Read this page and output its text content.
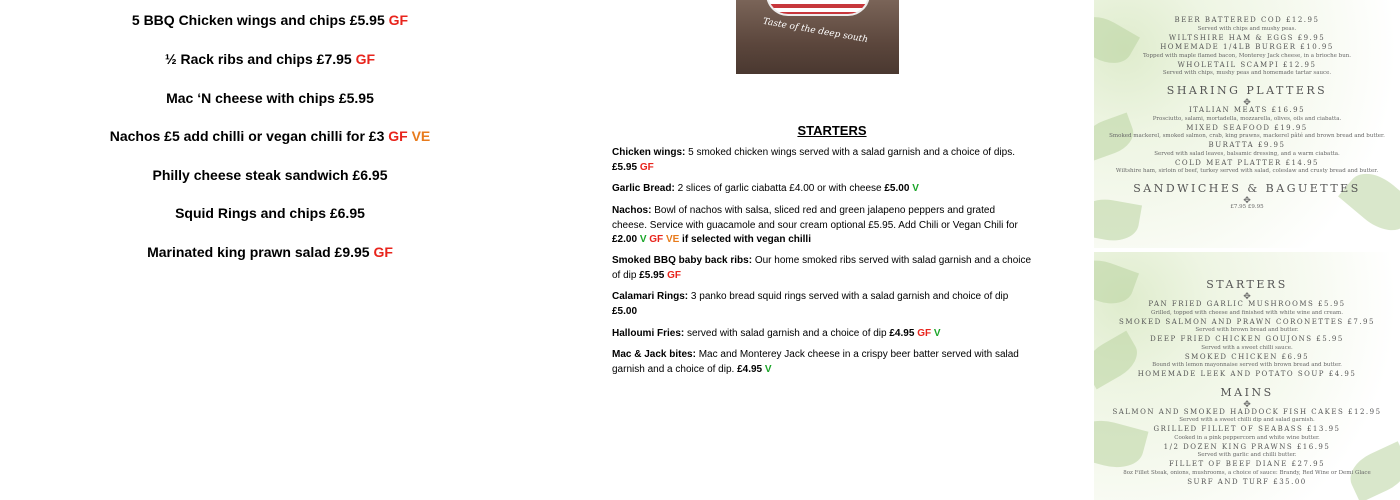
5 BBQ Chicken wings and chips £5.95 GF
½ Rack ribs and chips £7.95 GF
Mac ‘N cheese with chips £5.95
Nachos £5 add chilli or vegan chilli for £3 GF VE
Philly cheese steak sandwich £6.95
Squid Rings and chips £6.95
Marinated king prawn salad £9.95 GF
Taste of the deep south
STARTERS
Chicken wings: 5 smoked chicken wings served with a salad garnish and a choice of dips. £5.95 GF
Garlic Bread: 2 slices of garlic ciabatta £4.00 or with cheese £5.00 V
Nachos: Bowl of nachos with salsa, sliced red and green jalapeno peppers and grated cheese. Service with guacamole and sour cream optional £5.95. Add Chili or Vegan Chili for £2.00 V GF VE if selected with vegan chilli
Smoked BBQ baby back ribs: Our home smoked ribs served with salad garnish and a choice of dip £5.95 GF
Calamari Rings: 3 panko bread squid rings served with a salad garnish and choice of dip £5.00
Halloumi Fries: served with salad garnish and a choice of dip £4.95 GF V
Mac & Jack bites: Mac and Monterey Jack cheese in a crispy beer batter served with salad garnish and a choice of dip. £4.95 V
BEER BATTERED COD £12.95
Served with chips and mushy peas.
WILTSHIRE HAM & EGGS £9.95
HOMEMADE 1/4LB BURGER £10.95
Topped with maple flamed bacon, Monterey Jack cheese, in a brioche bun.
WHOLETAIL SCAMPI £12.95
Served with chips, mushy peas and homemade tartar sauce.
SHARING PLATTERS
✥
ITALIAN MEATS £16.95
Prosciutto, salami, mortadella, mozzarella, olives, oils and ciabatta.
MIXED SEAFOOD £19.95
Smoked mackerel, smoked salmon, crab, king prawns, mackerel pâté and brown bread and butter.
BURATTA £9.95
Served with salad leaves, balsamic dressing, and a warm ciabatta.
COLD MEAT PLATTER £14.95
Wiltshire ham, sirloin of beef, turkey served with salad, coleslaw and crusty bread and butter.
SANDWICHES & BAGUETTES
✥
£7.95 £9.95
STARTERS
✥
PAN FRIED GARLIC MUSHROOMS £5.95
Grilled, topped with cheese and finished with white wine and cream.
SMOKED SALMON AND PRAWN CORONETTES £7.95
Served with brown bread and butter.
DEEP FRIED CHICKEN GOUJONS £5.95
Served with a sweet chilli sauce.
SMOKED CHICKEN £6.95
Bound with lemon mayonnaise served with brown bread and butter.
HOMEMADE LEEK AND POTATO SOUP £4.95
MAINS
✥
SALMON AND SMOKED HADDOCK FISH CAKES £12.95
Served with a sweet chilli dip and salad garnish.
GRILLED FILLET OF SEABASS £13.95
Cooked in a pink peppercorn and white wine butter.
1/2 DOZEN KING PRAWNS £16.95
Served with garlic and chilli butter.
FILLET OF BEEF DIANE £27.95
8oz Fillet Steak, onions, mushrooms, a choice of sauce: Brandy, Red Wine or Demi Glace
SURF AND TURF £35.00
